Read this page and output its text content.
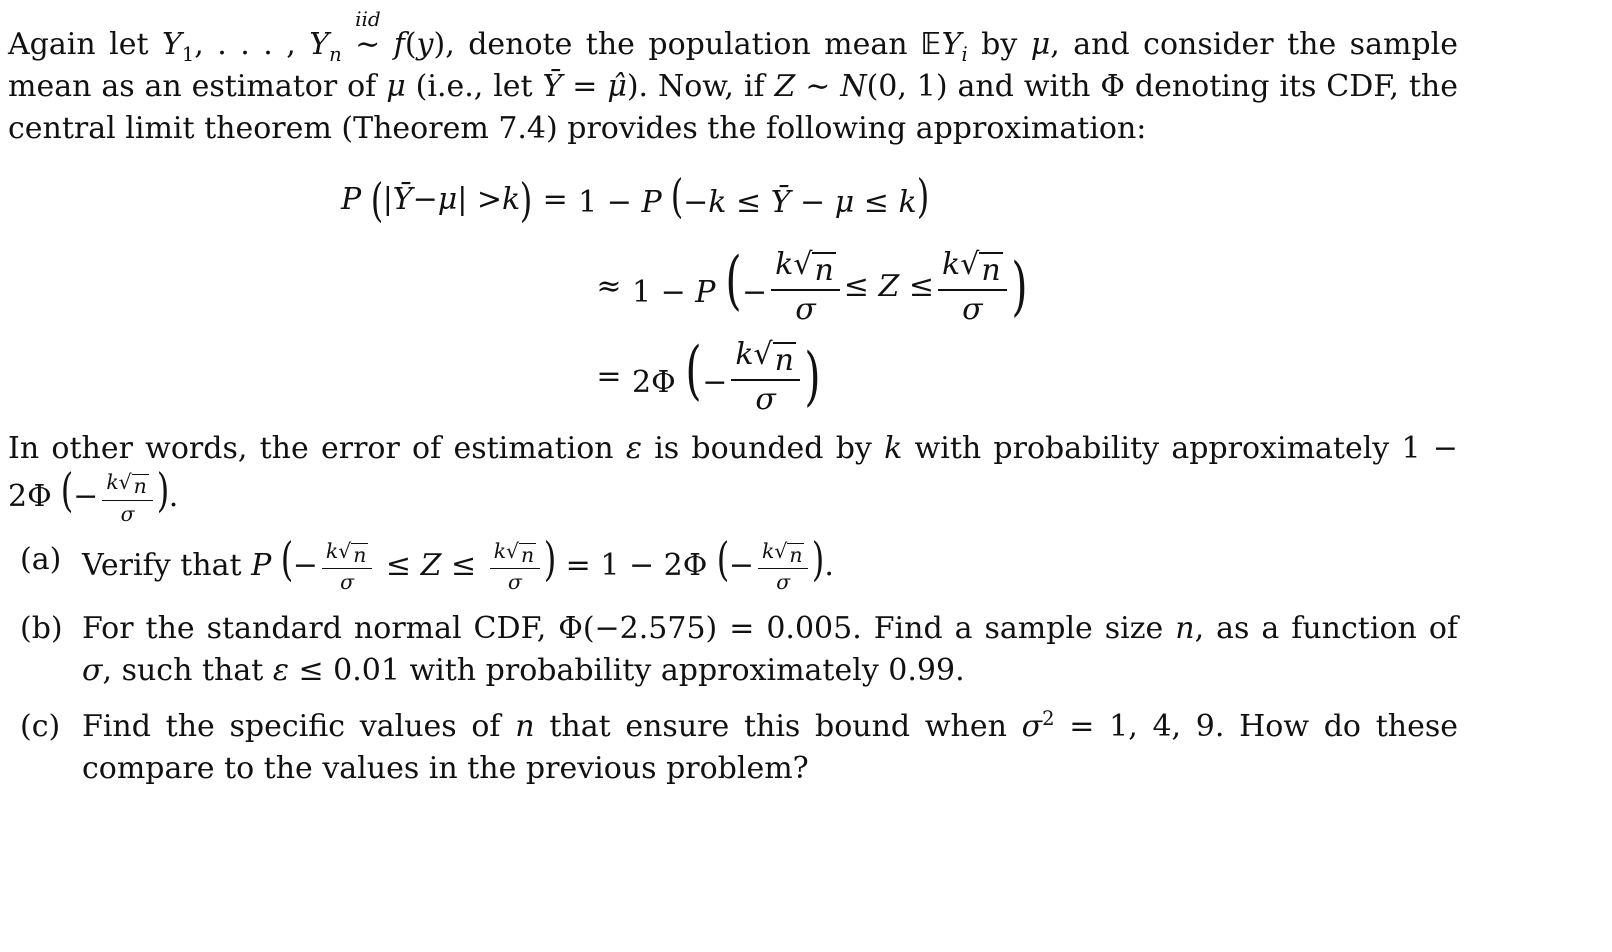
Again let $Y_1$, . . . , $Y_n$
iid
∼ f(y), denote the population mean 𝔼Y$_i$ by μ, and consider the sample mean as an estimator of μ (i.e., let Ȳ = μ̂). Now, if Z ∼ N(0, 1) and with Φ denoting its CDF, the central limit theorem (Theorem 7.4) provides the following approximation:

P
( | Ȳ − μ | > k ) = 1 − P (−k ≤ Ȳ − μ ≤ k)
≈ 1 − P (− $\frac{k √ n}{\sigma} \le Z \le \frac{k √ n}{\sigma}$ )
= 2Φ (− $\frac{k √ n}{\sigma}$ )

In other words, the error of estimation ε is bounded by k with probability approximately 1 − 2Φ (− $\frac{k √ n}{\sigma}$ ).

(a) Verify that P (− $\frac{k √ n}{\sigma} \le Z \le \frac{k √ n}{\sigma}$ ) = 1 − 2Φ (− $\frac{k √ n}{\sigma}$ ).
(b) For the standard normal CDF, Φ(−2.575) = 0.005. Find a sample size n, as a function of σ, such that ε ≤ 0.01 with probability approximately 0.99.
(c) Find the specific values of n that ensure this bound when $\sigma^2 = 1$, 4, 9. How do these compare to the values in the previous problem?
